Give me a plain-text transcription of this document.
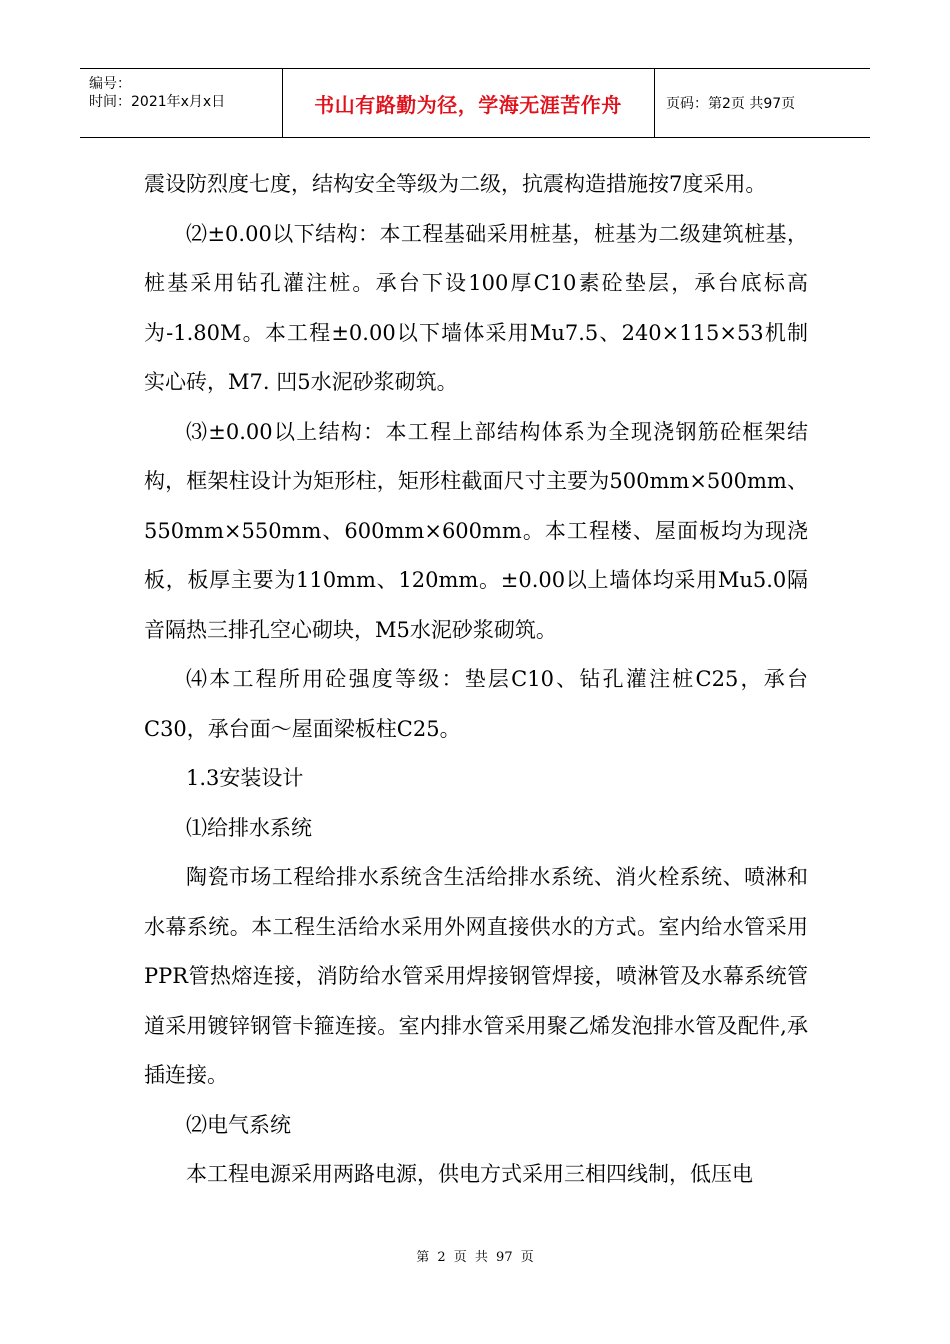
编号：
时间：2021年x月x日	书山有路勤为径，学海无涯苦作舟	页码：第2页 共97页

震设防烈度七度，结构安全等级为二级，抗震构造措施按7度采用。

⑵±0.00以下结构：本工程基础采用桩基，桩基为二级建筑桩基，桩基采用钻孔灌注桩。承台下设100厚C10素砼垫层，承台底标高为-1.80M。本工程±0.00以下墙体采用Mu7.5、240×115×53机制实心砖，M7. 凹5水泥砂浆砌筑。

⑶±0.00以上结构：本工程上部结构体系为全现浇钢筋砼框架结构，框架柱设计为矩形柱，矩形柱截面尺寸主要为500mm×500mm、550mm×550mm、600mm×600mm。本工程楼、屋面板均为现浇板，板厚主要为110mm、120mm。±0.00以上墙体均采用Mu5.0隔音隔热三排孔空心砌块，M5水泥砂浆砌筑。

⑷本工程所用砼强度等级：垫层C10、钻孔灌注桩C25，承台C30，承台面～屋面梁板柱C25。

1.3安装设计

⑴给排水系统

陶瓷市场工程给排水系统含生活给排水系统、消火栓系统、喷淋和水幕系统。本工程生活给水采用外网直接供水的方式。室内给水管采用PPR管热熔连接，消防给水管采用焊接钢管焊接，喷淋管及水幕系统管道采用镀锌钢管卡箍连接。室内排水管采用聚乙烯发泡排水管及配件,承插连接。

⑵电气系统

本工程电源采用两路电源，供电方式采用三相四线制，低压电

第 2 页 共 97 页
